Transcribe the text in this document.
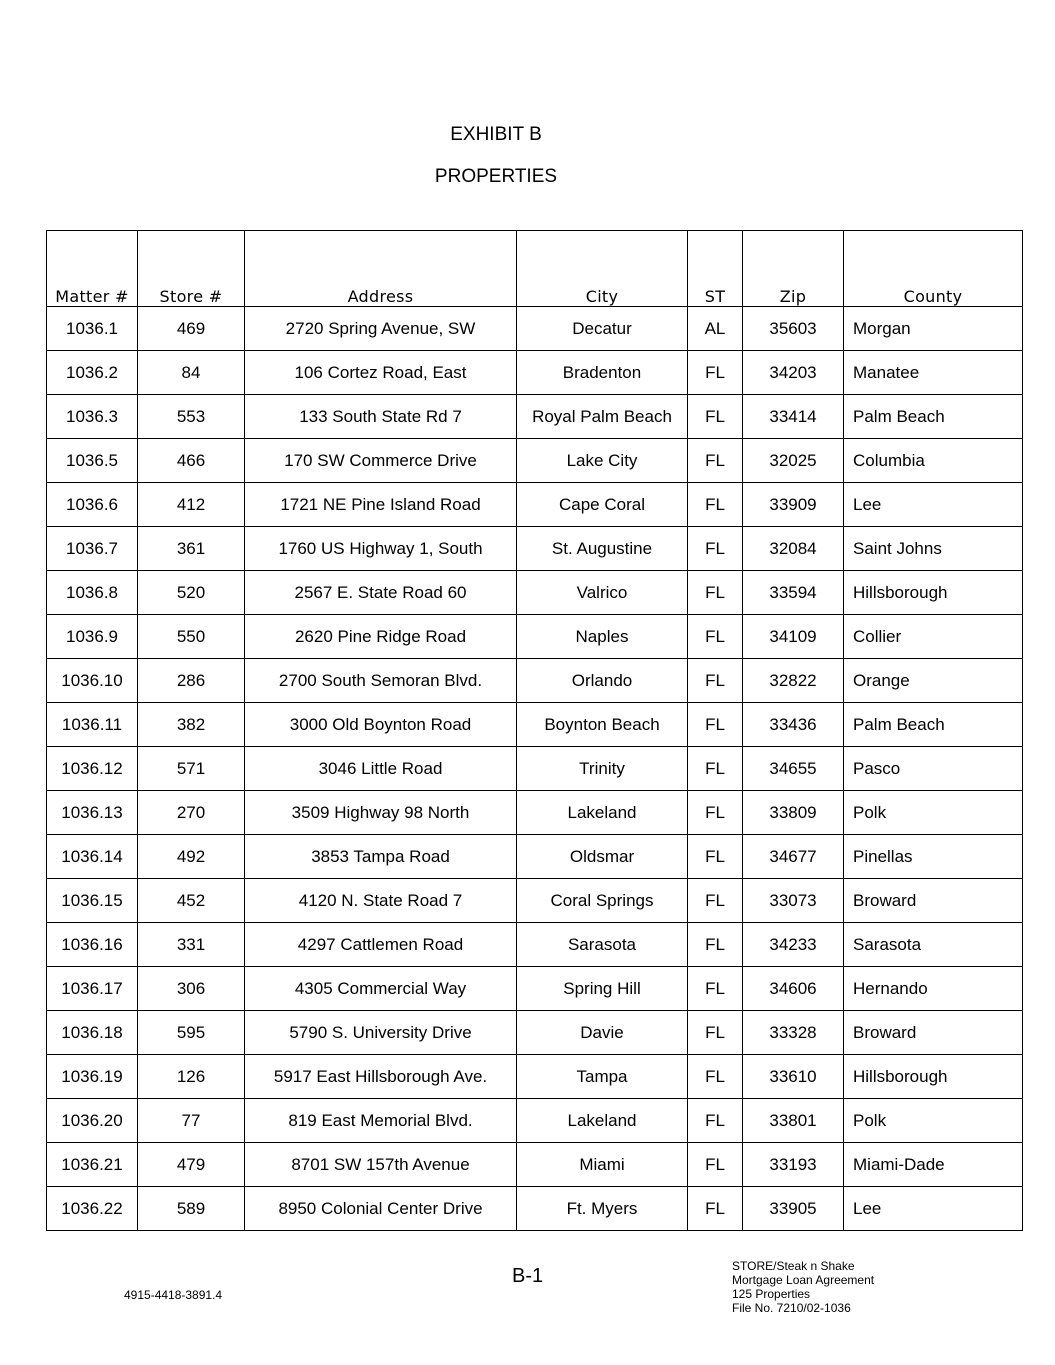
EXHIBIT B
PROPERTIES
Matter #	Store #	Address	City	ST	Zip	County
1036.1	469	2720 Spring Avenue, SW	Decatur	AL	35603	Morgan
1036.2	84	106 Cortez Road, East	Bradenton	FL	34203	Manatee
1036.3	553	133 South State Rd 7	Royal Palm Beach	FL	33414	Palm Beach
1036.5	466	170 SW Commerce Drive	Lake City	FL	32025	Columbia
1036.6	412	1721 NE Pine Island Road	Cape Coral	FL	33909	Lee
1036.7	361	1760 US Highway 1, South	St. Augustine	FL	32084	Saint Johns
1036.8	520	2567 E. State Road 60	Valrico	FL	33594	Hillsborough
1036.9	550	2620 Pine Ridge Road	Naples	FL	34109	Collier
1036.10	286	2700 South Semoran Blvd.	Orlando	FL	32822	Orange
1036.11	382	3000 Old Boynton Road	Boynton Beach	FL	33436	Palm Beach
1036.12	571	3046 Little Road	Trinity	FL	34655	Pasco
1036.13	270	3509 Highway 98 North	Lakeland	FL	33809	Polk
1036.14	492	3853 Tampa Road	Oldsmar	FL	34677	Pinellas
1036.15	452	4120 N. State Road 7	Coral Springs	FL	33073	Broward
1036.16	331	4297 Cattlemen Road	Sarasota	FL	34233	Sarasota
1036.17	306	4305 Commercial Way	Spring Hill	FL	34606	Hernando
1036.18	595	5790 S. University Drive	Davie	FL	33328	Broward
1036.19	126	5917 East Hillsborough Ave.	Tampa	FL	33610	Hillsborough
1036.20	77	819 East Memorial Blvd.	Lakeland	FL	33801	Polk
1036.21	479	8701 SW 157th Avenue	Miami	FL	33193	Miami-Dade
1036.22	589	8950 Colonial Center Drive	Ft. Myers	FL	33905	Lee
B-1
4915-4418-3891.4
STORE/Steak n Shake
Mortgage Loan Agreement
125 Properties
File No. 7210/02-1036
